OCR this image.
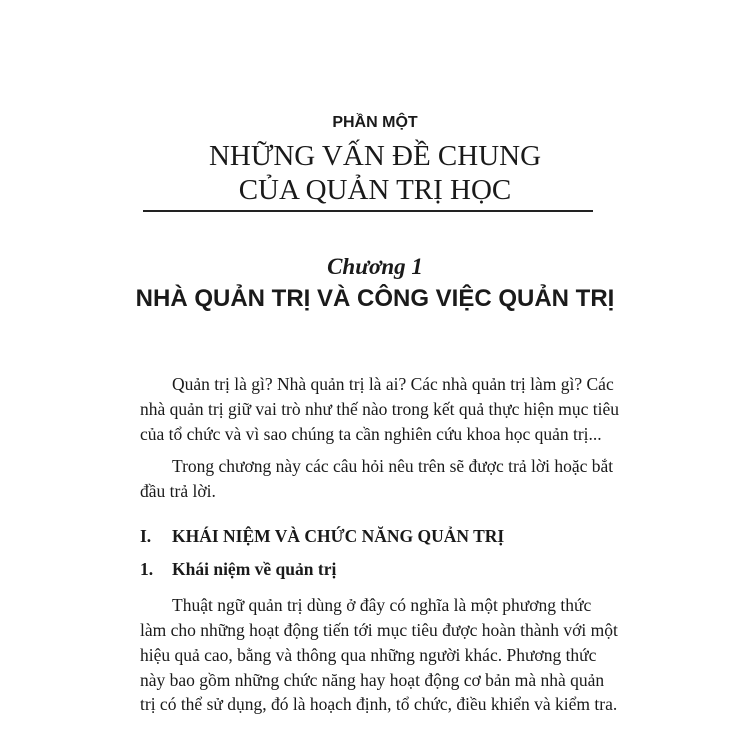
PHẦN MỘT
NHỮNG VẤN ĐỀ CHUNG
CỦA QUẢN TRỊ HỌC
Chương 1
NHÀ QUẢN TRỊ VÀ CÔNG VIỆC QUẢN TRỊ
Quản trị là gì? Nhà quản trị là ai? Các nhà quản trị làm gì? Các
nhà quản trị giữ vai trò như thế nào trong kết quả thực hiện mục tiêu
của tổ chức và vì sao chúng ta cần nghiên cứu khoa học quản trị...
Trong chương này các câu hỏi nêu trên sẽ được trả lời hoặc bắt
đầu trả lời.
I. KHÁI NIỆM VÀ CHỨC NĂNG QUẢN TRỊ
1. Khái niệm về quản trị
Thuật ngữ quản trị dùng ở đây có nghĩa là một phương thức
làm cho những hoạt động tiến tới mục tiêu được hoàn thành với một
hiệu quả cao, bằng và thông qua những người khác. Phương thức
này bao gồm những chức năng hay hoạt động cơ bản mà nhà quản
trị có thể sử dụng, đó là hoạch định, tổ chức, điều khiển và kiểm tra.
